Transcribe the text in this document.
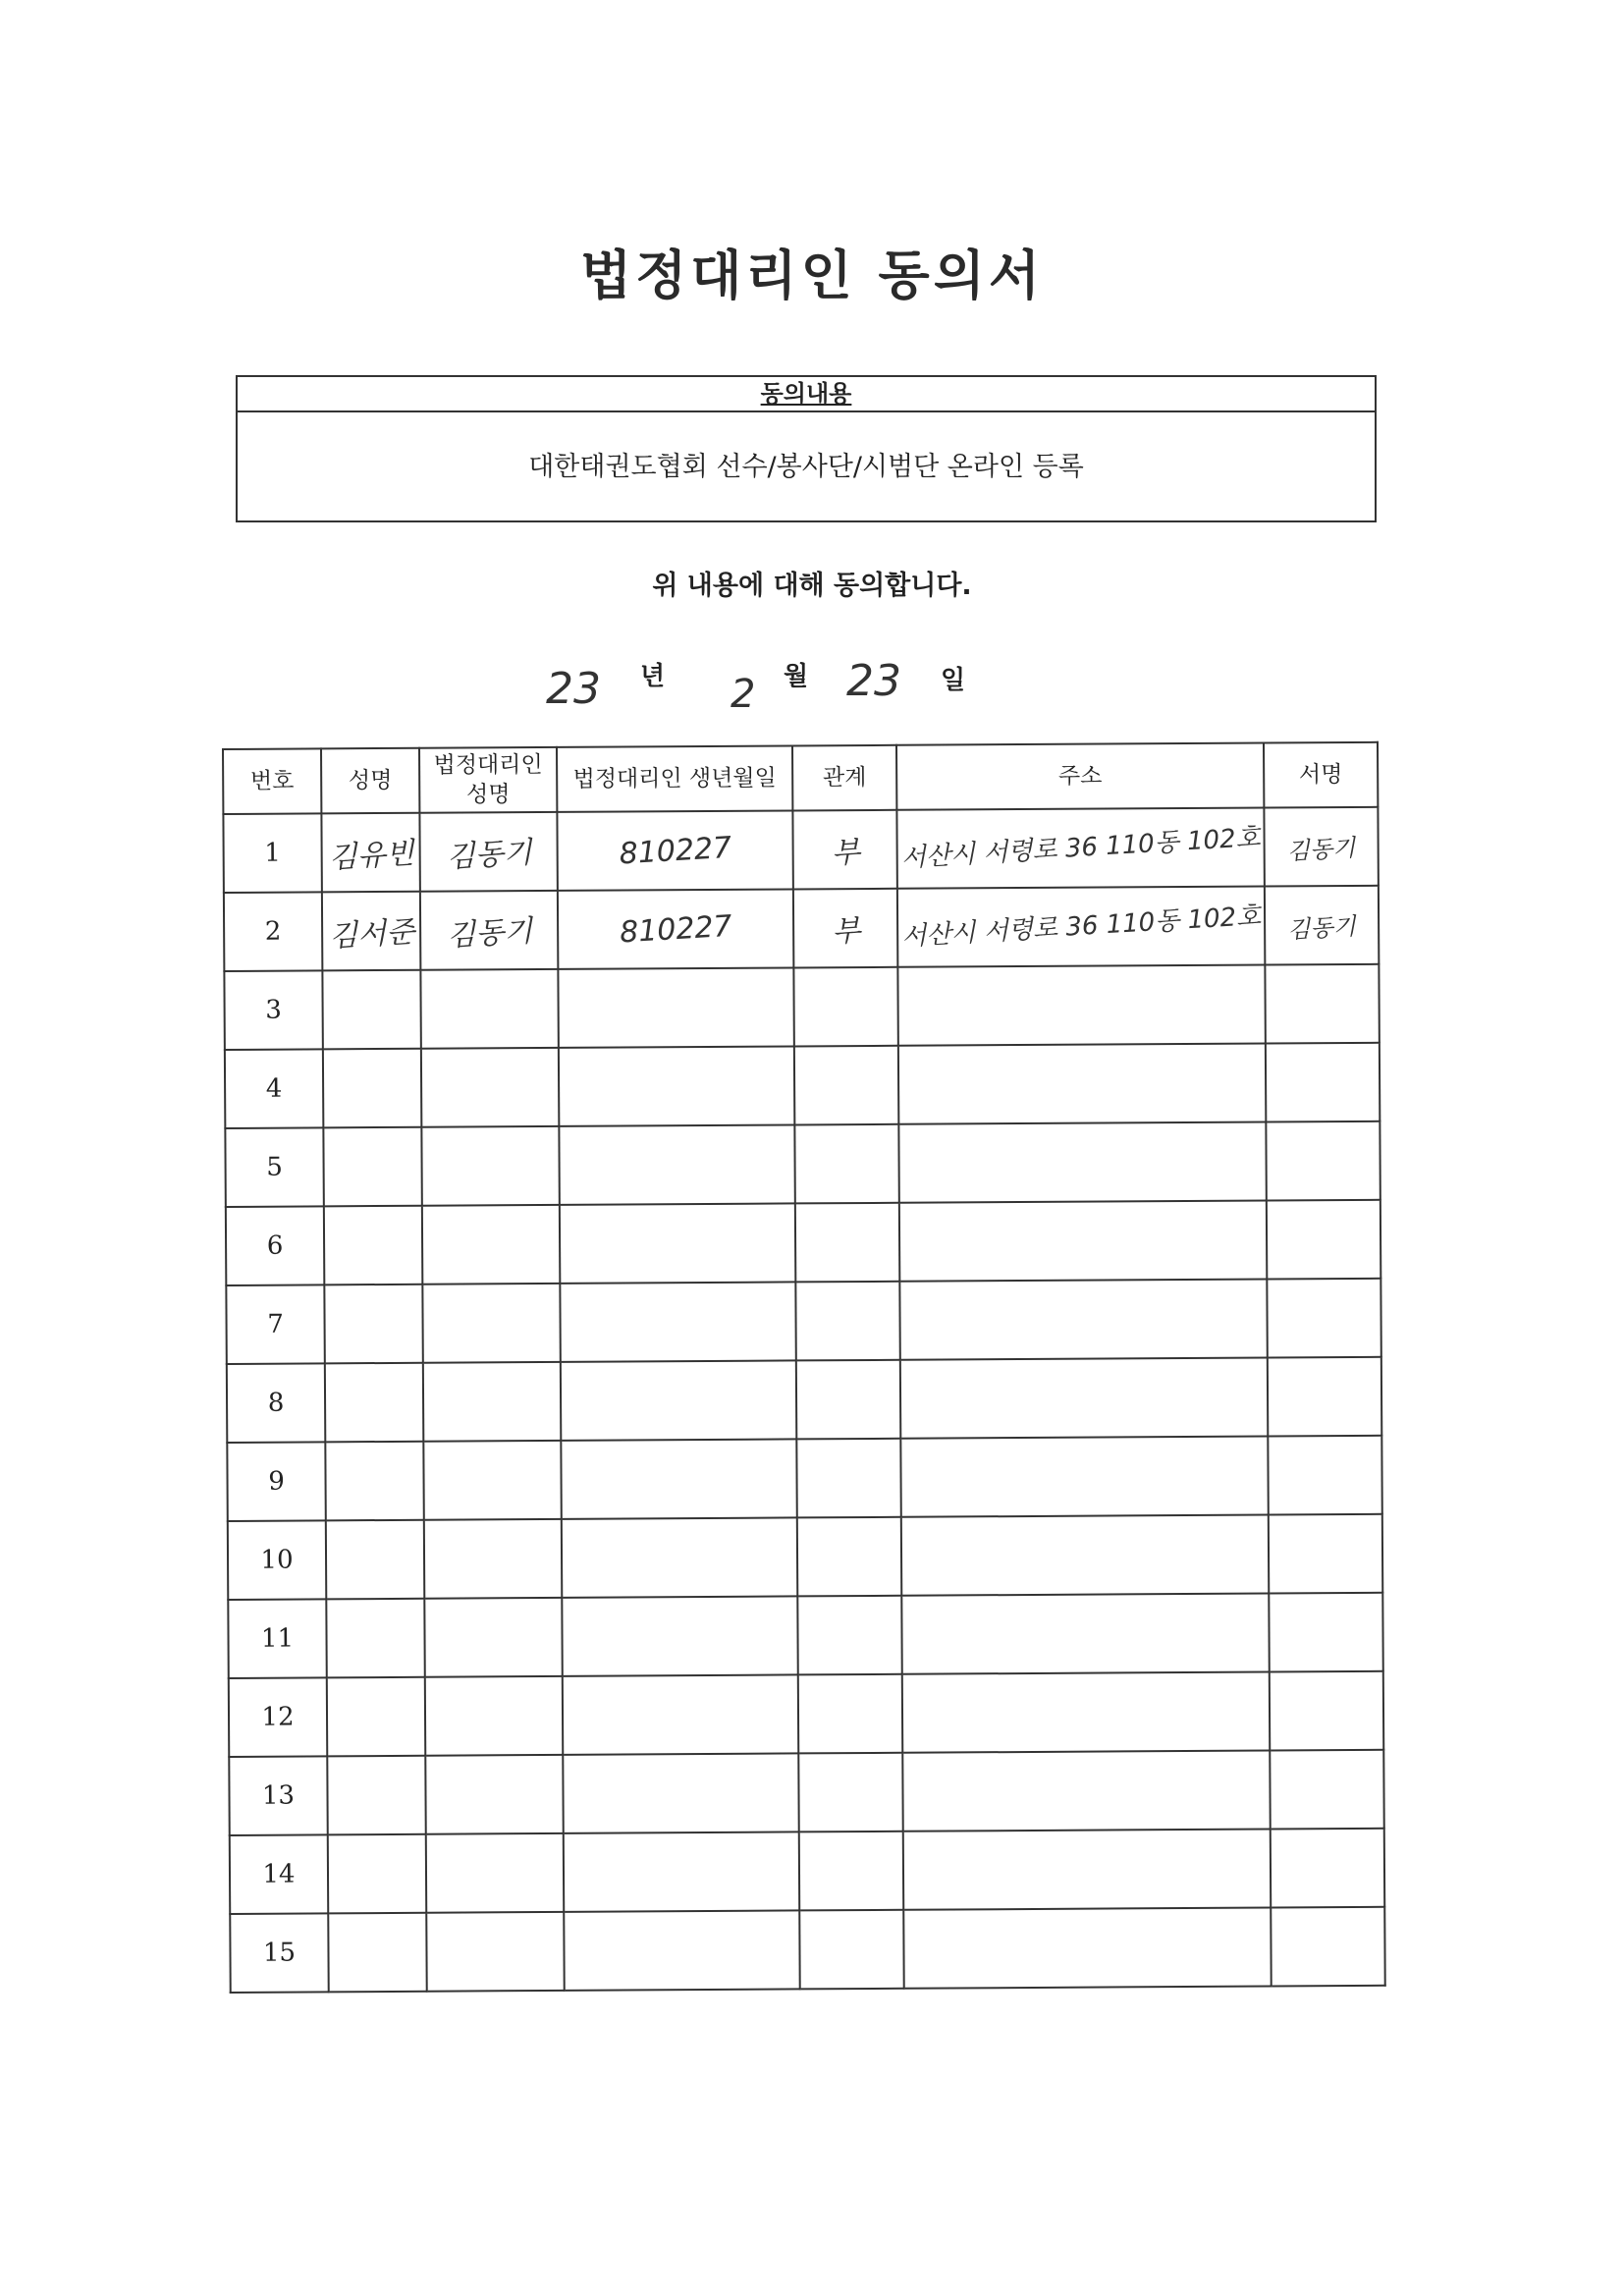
법정대리인 동의서
동의내용
대한태권도협회 선수/봉사단/시범단 온라인 등록
위 내용에 대해 동의합니다.
23 년 2 월 23 일
번호	성명	법정대리인 성명	법정대리인 생년월일	관계	주소	서명
1	김유빈	김동기	810227	부	서산시 서령로 36 110동 102호	김동기
2	김서준	김동기	810227	부	서산시 서령로 36 110동 102호	김동기
3						
4						
5						
6						
7						
8						
9						
10						
11						
12						
13						
14						
15						
